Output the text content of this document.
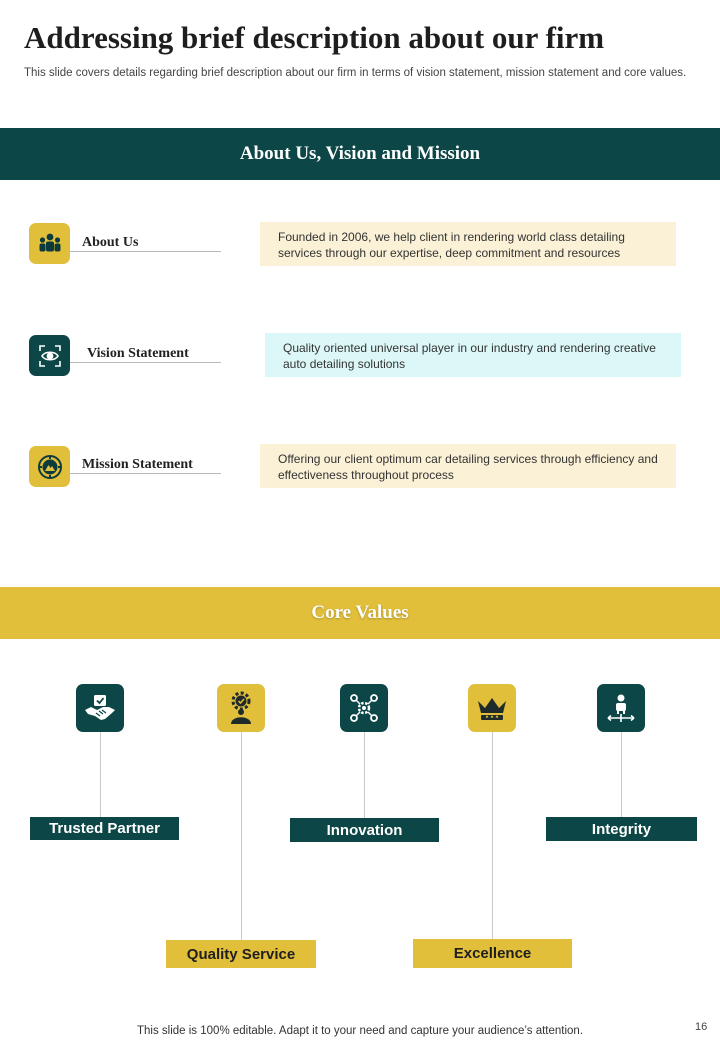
Addressing brief description about our firm
This slide covers details regarding brief description about our firm in terms of vision statement, mission statement and core values.
About Us, Vision and Mission
About Us	Founded in 2006, we help client in rendering world class detailing services through our expertise, deep commitment and resources
Vision Statement	Quality oriented universal player in our industry and rendering creative auto detailing solutions
Mission Statement	Offering our client optimum car detailing services through efficiency and effectiveness throughout process
Core Values
Trusted Partner
Quality Service
Innovation
Excellence
Integrity
This slide is 100% editable. Adapt it to your need and capture your audience’s attention.	16
